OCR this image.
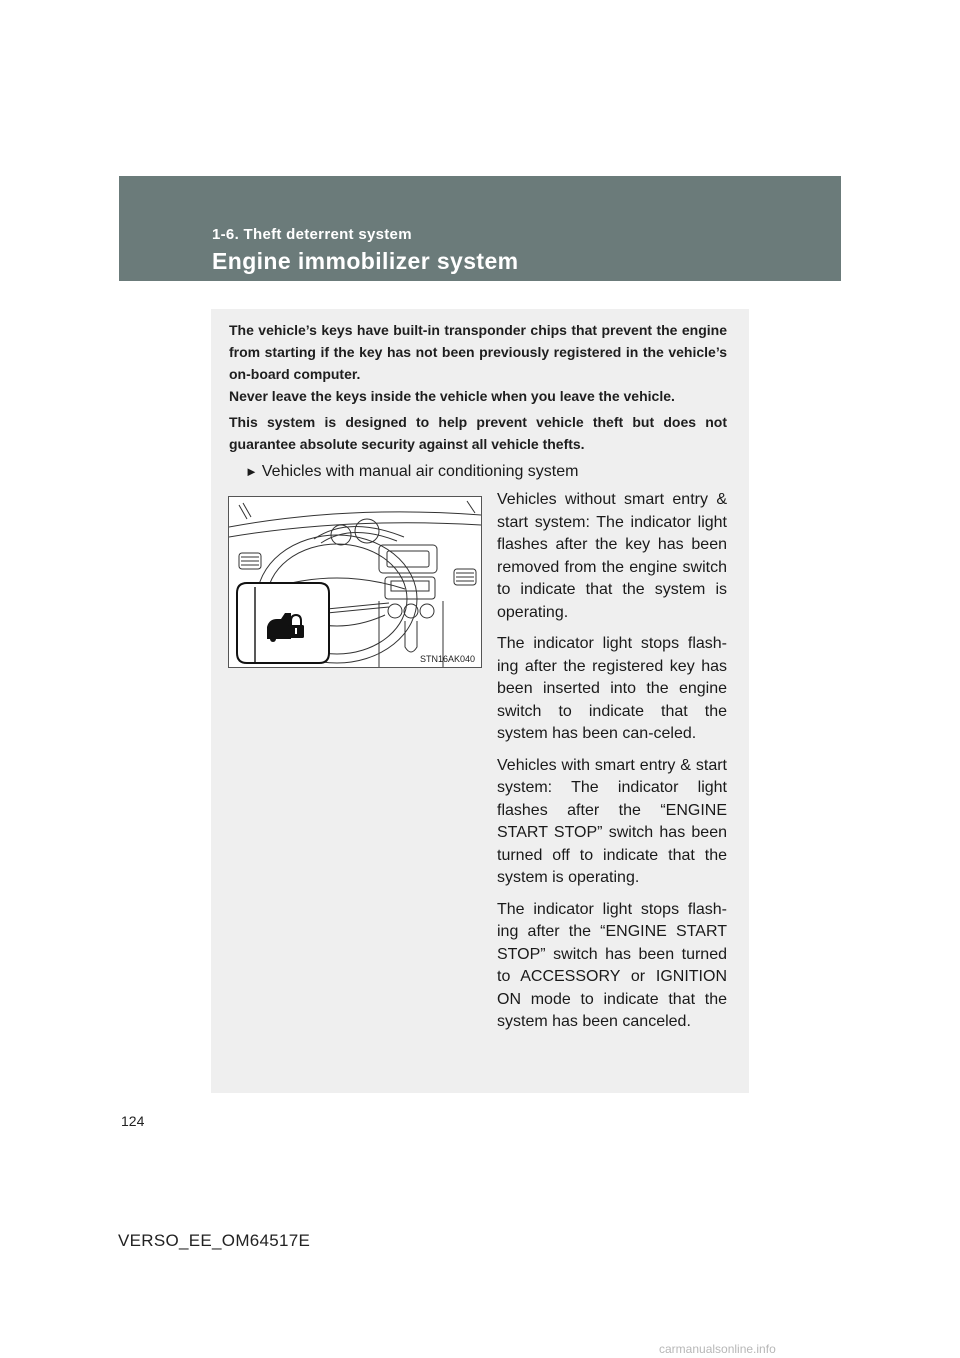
1-6. Theft deterrent system
Engine immobilizer system

The vehicle’s keys have built-in transponder chips that prevent the engine from starting if the key has not been previously registered in the vehicle’s on-board computer.

Never leave the keys inside the vehicle when you leave the vehicle.

This system is designed to help prevent vehicle theft but does not guarantee absolute security against all vehicle thefts.

► Vehicles with manual air conditioning system
STN16AK040

Vehicles without smart entry & start system: The indicator light flashes after the key has been removed from the engine switch to indicate that the system is operating.

The indicator light stops flash-ing after the registered key has been inserted into the engine switch to indicate that the system has been can-celed.

Vehicles with smart entry & start system: The indicator light flashes after the “ENGINE START STOP” switch has been turned off to indicate that the system is operating.

The indicator light stops flash-ing after the “ENGINE START STOP” switch has been turned to ACCESSORY or IGNITION ON mode to indicate that the system has been canceled.

124
VERSO_EE_OM64517E
carmanualsonline.info
